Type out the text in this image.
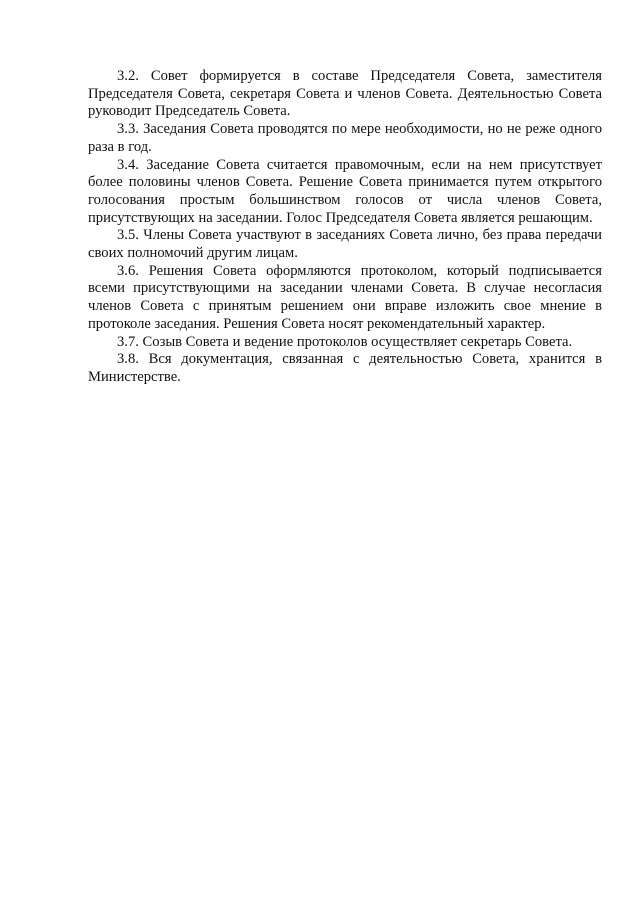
3.2. Совет формируется в составе Председателя Совета, заместителя Председателя Совета, секретаря Совета и членов Совета. Деятельностью Совета руководит Председатель Совета.

3.3. Заседания Совета проводятся по мере необходимости, но не реже одного раза в год.

3.4. Заседание Совета считается правомочным, если на нем присутствует более половины членов Совета. Решение Совета принимается путем открытого голосования простым большинством голосов от числа членов Совета, присутствующих на заседании. Голос Председателя Совета является решающим.

3.5. Члены Совета участвуют в заседаниях Совета лично, без права передачи своих полномочий другим лицам.

3.6. Решения Совета оформляются протоколом, который подписывается всеми присутствующими на заседании членами Совета. В случае несогласия членов Совета с принятым решением они вправе изложить свое мнение в протоколе заседания. Решения Совета носят рекомендательный характер.

3.7. Созыв Совета и ведение протоколов осуществляет секретарь Совета.

3.8. Вся документация, связанная с деятельностью Совета, хранится в Министерстве.
